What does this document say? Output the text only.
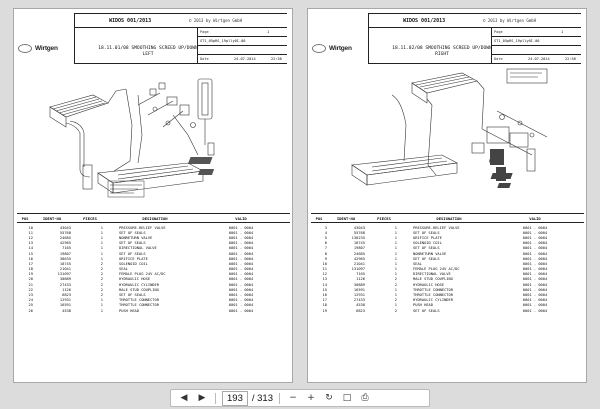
Wirtgen
WIDOS 001/2013	© 2013 by Wirtgen GmbH
Page	1
ST1_05pRS_19plly0I-00
Date	24.07.2014	22:58
18.11.01/08 SMOOTHING SCREED UP/DOWN LEFT
POS	IDENT-NO	PIECES	DESIGNATION	VALID
10	43043	1	PRESSURE-RELIEF VALVE	0001 - 0004
11	55768	1	SET OF SEALS	0001 - 0004
12	24685	1	NONRETURN VALVE	0001 - 0004
13	42965	1	SET OF SEALS	0001 - 0004
14	7165	1	DIRECTIONAL VALVE	0001 - 0004
15	19807	1	SET OF SEALS	0001 - 0004
16	38635	1	ORIFICE PLATE	0001 - 0004
17	18745	2	SOLENOID COIL	0001 - 0004
18	21041	2	SEAL	0001 - 0004
19	131097	2	FEMALE PLUG 24V AC/DC	0001 - 0004
20	30889	2	HYDRAULIC HOSE	0001 - 0004
21	27433	2	HYDRAULIC CYLINDER	0001 - 0004
22	1126	2	MALE STUD COUPLING	0001 - 0004
23	6823	2	SET OF SEALS	0001 - 0004
24	12931	1	THROTTLE CONNECTOR	0001 - 0004
25	16591	1	THROTTLE CONNECTOR	0001 - 0004
26	4538	1	PUSH HEAD	0001 - 0004
Wirtgen
WIDOS 001/2013	© 2013 by Wirtgen GmbH
Page	1
ST1_05pRS_19plly0I-00
Date	24.07.2014	22:58
18.11.02/08 SMOOTHING SCREED UP/DOWN RIGHT
POS	IDENT-NO	PIECES	DESIGNATION	VALID
3	43043	1	PRESSURE-RELIEF VALVE	0001 - 0004
4	55768	1	SET OF SEALS	0001 - 0004
5	136235	1	ORIFICE PLATE	0001 - 0004
6	18745	1	SOLENOID COIL	0001 - 0004
7	19807	1	SET OF SEALS	0001 - 0004
8	24685	1	NONRETURN VALVE	0001 - 0004
9	42965	1	SET OF SEALS	0001 - 0004
10	21041	1	SEAL	0001 - 0004
11	131097	1	FEMALE PLUG 24V AC/DC	0001 - 0004
12	7165	1	DIRECTIONAL VALVE	0001 - 0004
13	1126	2	MALE STUD COUPLING	0001 - 0004
14	30889	2	HYDRAULIC HOSE	0001 - 0004
15	16591	1	THROTTLE CONNECTOR	0001 - 0004
16	12931	1	THROTTLE CONNECTOR	0001 - 0004
17	27433	2	HYDRAULIC CYLINDER	0001 - 0004
18	4538	1	PUSH HEAD	0001 - 0004
19	6823	2	SET OF SEALS	0001 - 0004
◀	▶	193 / 313	−	+	↻	□	⎙
